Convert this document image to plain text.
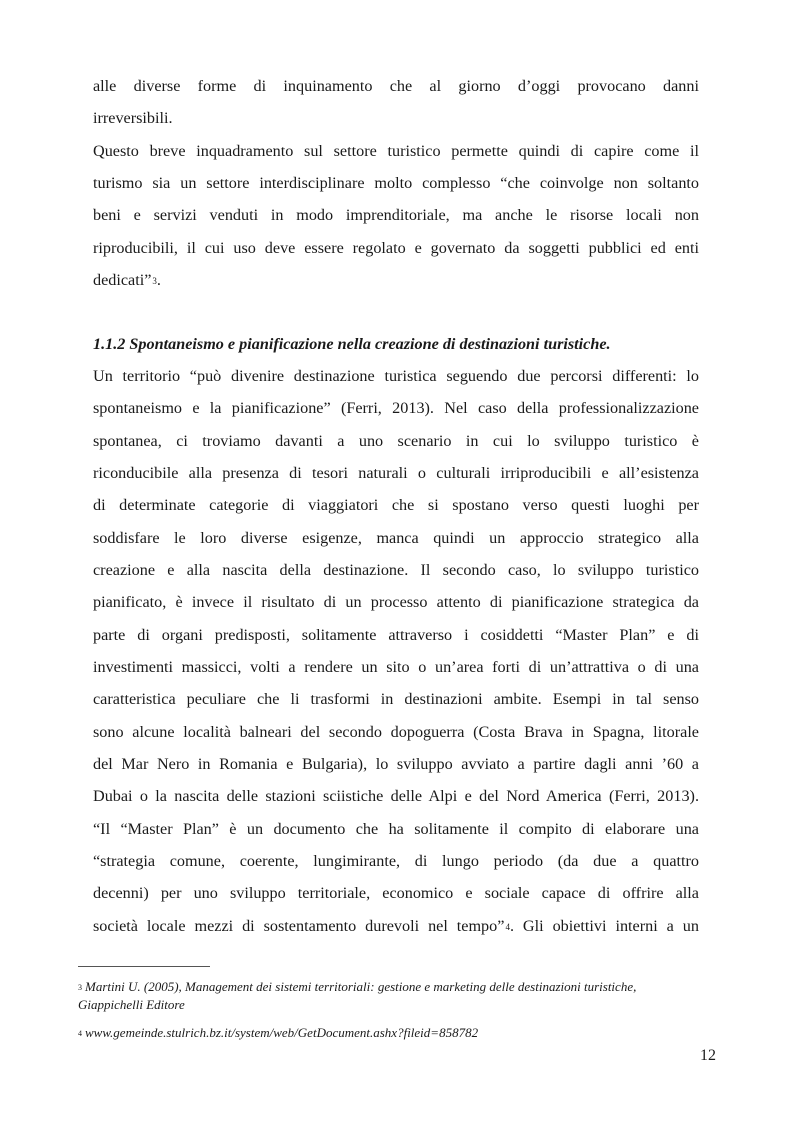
alle diverse forme di inquinamento che al giorno d’oggi provocano danni
irreversibili.
Questo breve inquadramento sul settore turistico permette quindi di capire come il
turismo sia un settore interdisciplinare molto complesso “che coinvolge non soltanto
beni e servizi venduti in modo imprenditoriale, ma anche le risorse locali non
riproducibili, il cui uso deve essere regolato e governato da soggetti pubblici ed enti
dedicati”$^3$.
1.1.2 Spontaneismo e pianificazione nella creazione di destinazioni turistiche.
Un territorio “può divenire destinazione turistica seguendo due percorsi differenti: lo
spontaneismo e la pianificazione” (Ferri, 2013). Nel caso della professionalizzazione
spontanea, ci troviamo davanti a uno scenario in cui lo sviluppo turistico è
riconducibile alla presenza di tesori naturali o culturali irriproducibili e all’esistenza
di determinate categorie di viaggiatori che si spostano verso questi luoghi per
soddisfare le loro diverse esigenze, manca quindi un approccio strategico alla
creazione e alla nascita della destinazione. Il secondo caso, lo sviluppo turistico
pianificato, è invece il risultato di un processo attento di pianificazione strategica da
parte di organi predisposti, solitamente attraverso i cosiddetti “Master Plan” e di
investimenti massicci, volti a rendere un sito o un’area forti di un’attrattiva o di una
caratteristica peculiare che li trasformi in destinazioni ambite. Esempi in tal senso
sono alcune località balneari del secondo dopoguerra (Costa Brava in Spagna, litorale
del Mar Nero in Romania e Bulgaria), lo sviluppo avviato a partire dagli anni ’60 a
Dubai o la nascita delle stazioni sciistiche delle Alpi e del Nord America (Ferri, 2013).
“Il “Master Plan” è un documento che ha solitamente il compito di elaborare una
“strategia comune, coerente, lungimirante, di lungo periodo (da due a quattro
decenni) per uno sviluppo territoriale, economico e sociale capace di offrire alla
società locale mezzi di sostentamento durevoli nel tempo”$^4$. Gli obiettivi interni a un
3 Martini U. (2005), Management dei sistemi territoriali: gestione e marketing delle destinazioni turistiche,
Giappichelli Editore
4 www.gemeinde.stulrich.bz.it/system/web/GetDocument.ashx?fileid=858782
12
